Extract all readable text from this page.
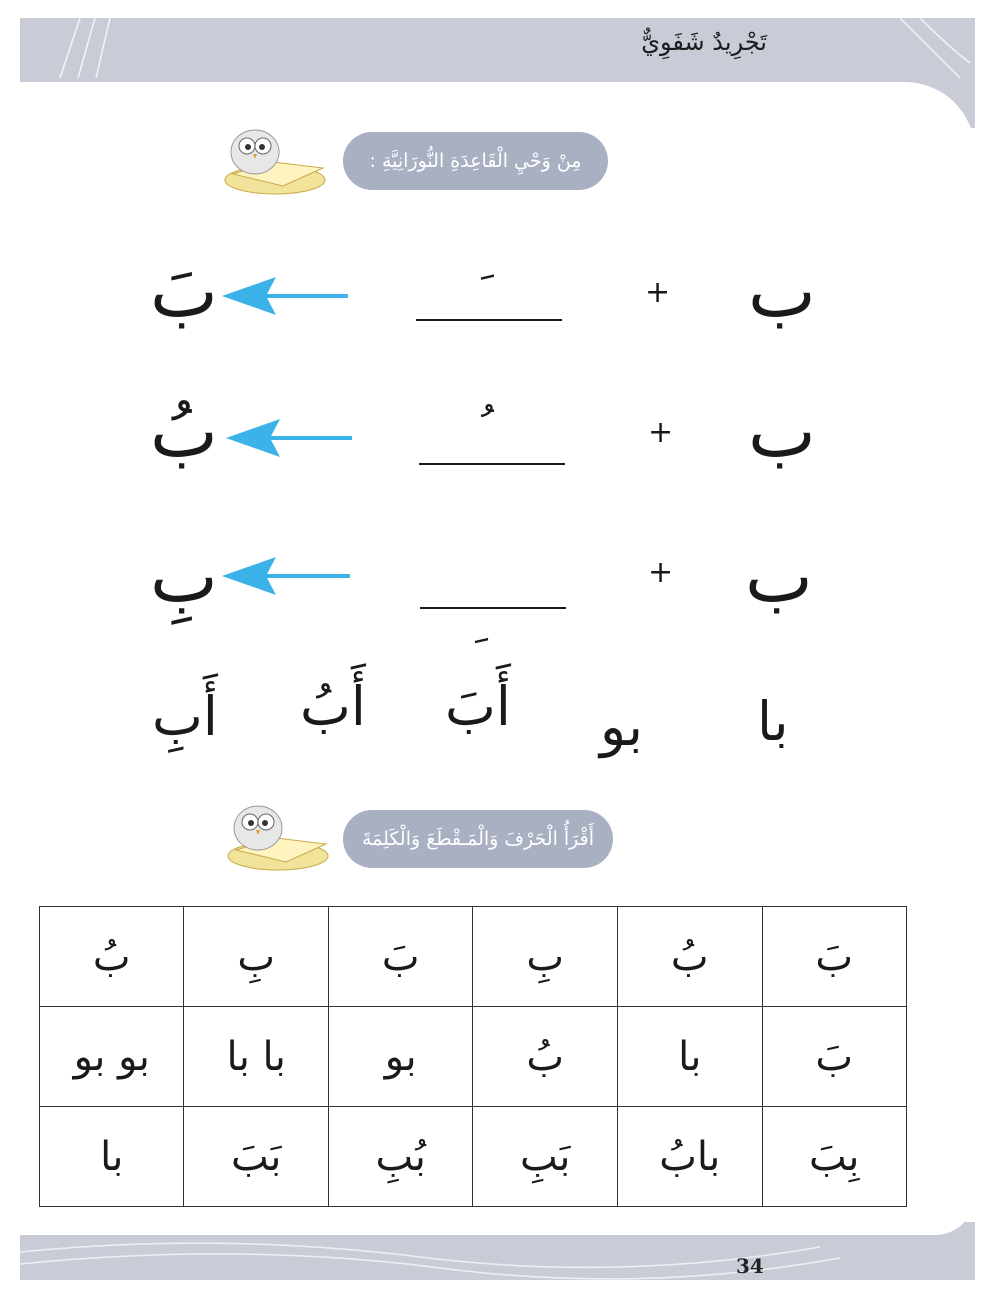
تَجْرِيدٌ شَفَوِيٌّ
34
مِنْ وَحْيِ الْقَاعِدَةِ النُّورَانِيَّةِ :
ب
+
بَ
ب
+
بُ
ب
+
بِ
با
بو
أَبَ
أَبُ
أَبِ
أَقْرَأُ الْحَرْفَ وَالْمَـقْطَعَ وَالْكَلِمَةَ
بَ	بُ	بِ	بَ	بِ	بُ
بَ	با	بُ	بو	با با	بو بو
بِبَ	بابُ	بَبِ	بُبِ	بَبَ	با
